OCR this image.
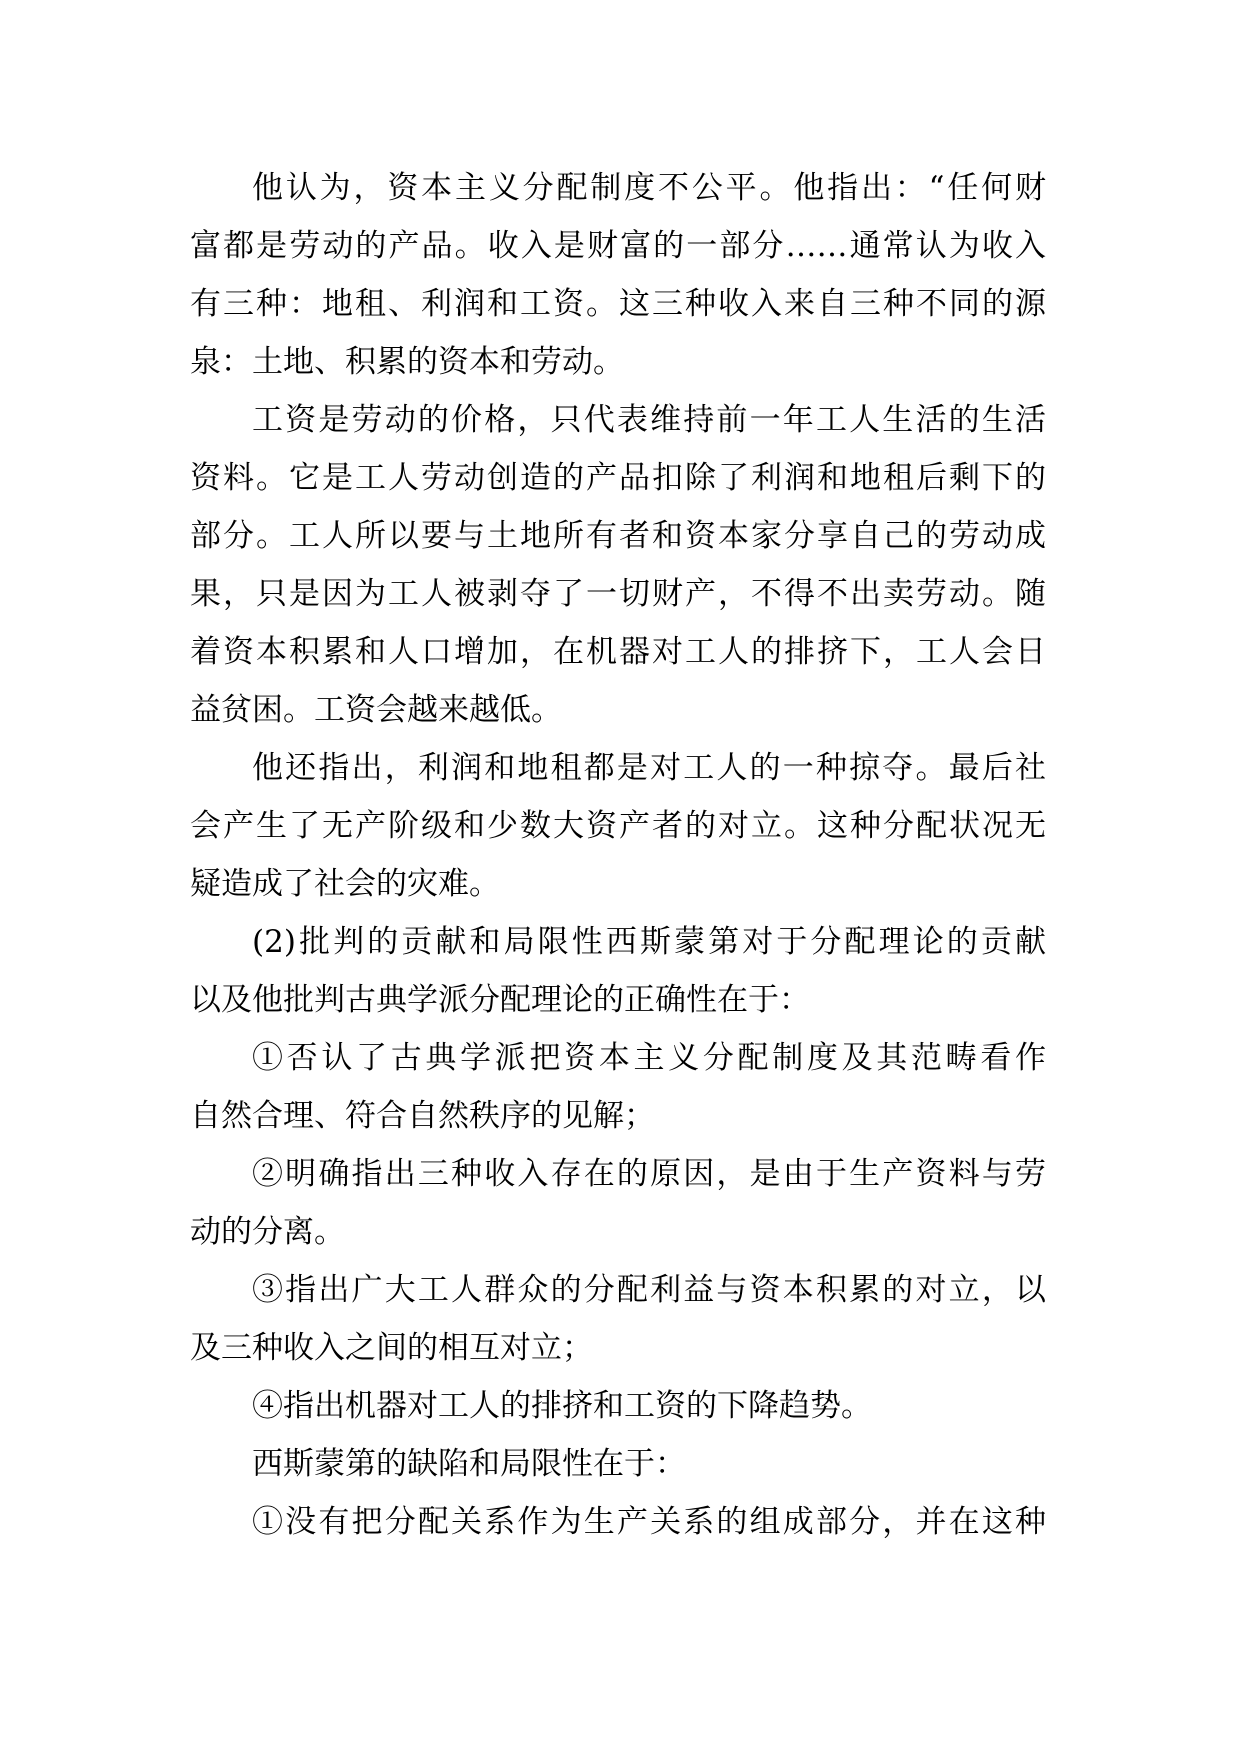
他认为，资本主义分配制度不公平。他指出：“任何财
富都是劳动的产品。收入是财富的一部分……通常认为收入
有三种：地租、利润和工资。这三种收入来自三种不同的源
泉：土地、积累的资本和劳动。
工资是劳动的价格，只代表维持前一年工人生活的生活
资料。它是工人劳动创造的产品扣除了利润和地租后剩下的
部分。工人所以要与土地所有者和资本家分享自己的劳动成
果，只是因为工人被剥夺了一切财产，不得不出卖劳动。随
着资本积累和人口增加，在机器对工人的排挤下，工人会日
益贫困。工资会越来越低。
他还指出，利润和地租都是对工人的一种掠夺。最后社
会产生了无产阶级和少数大资产者的对立。这种分配状况无
疑造成了社会的灾难。
(2)批判的贡献和局限性西斯蒙第对于分配理论的贡献
以及他批判古典学派分配理论的正确性在于：
①否认了古典学派把资本主义分配制度及其范畴看作
自然合理、符合自然秩序的见解；
②明确指出三种收入存在的原因，是由于生产资料与劳
动的分离。
③指出广大工人群众的分配利益与资本积累的对立，以
及三种收入之间的相互对立；
④指出机器对工人的排挤和工资的下降趋势。
西斯蒙第的缺陷和局限性在于：
①没有把分配关系作为生产关系的组成部分，并在这种
